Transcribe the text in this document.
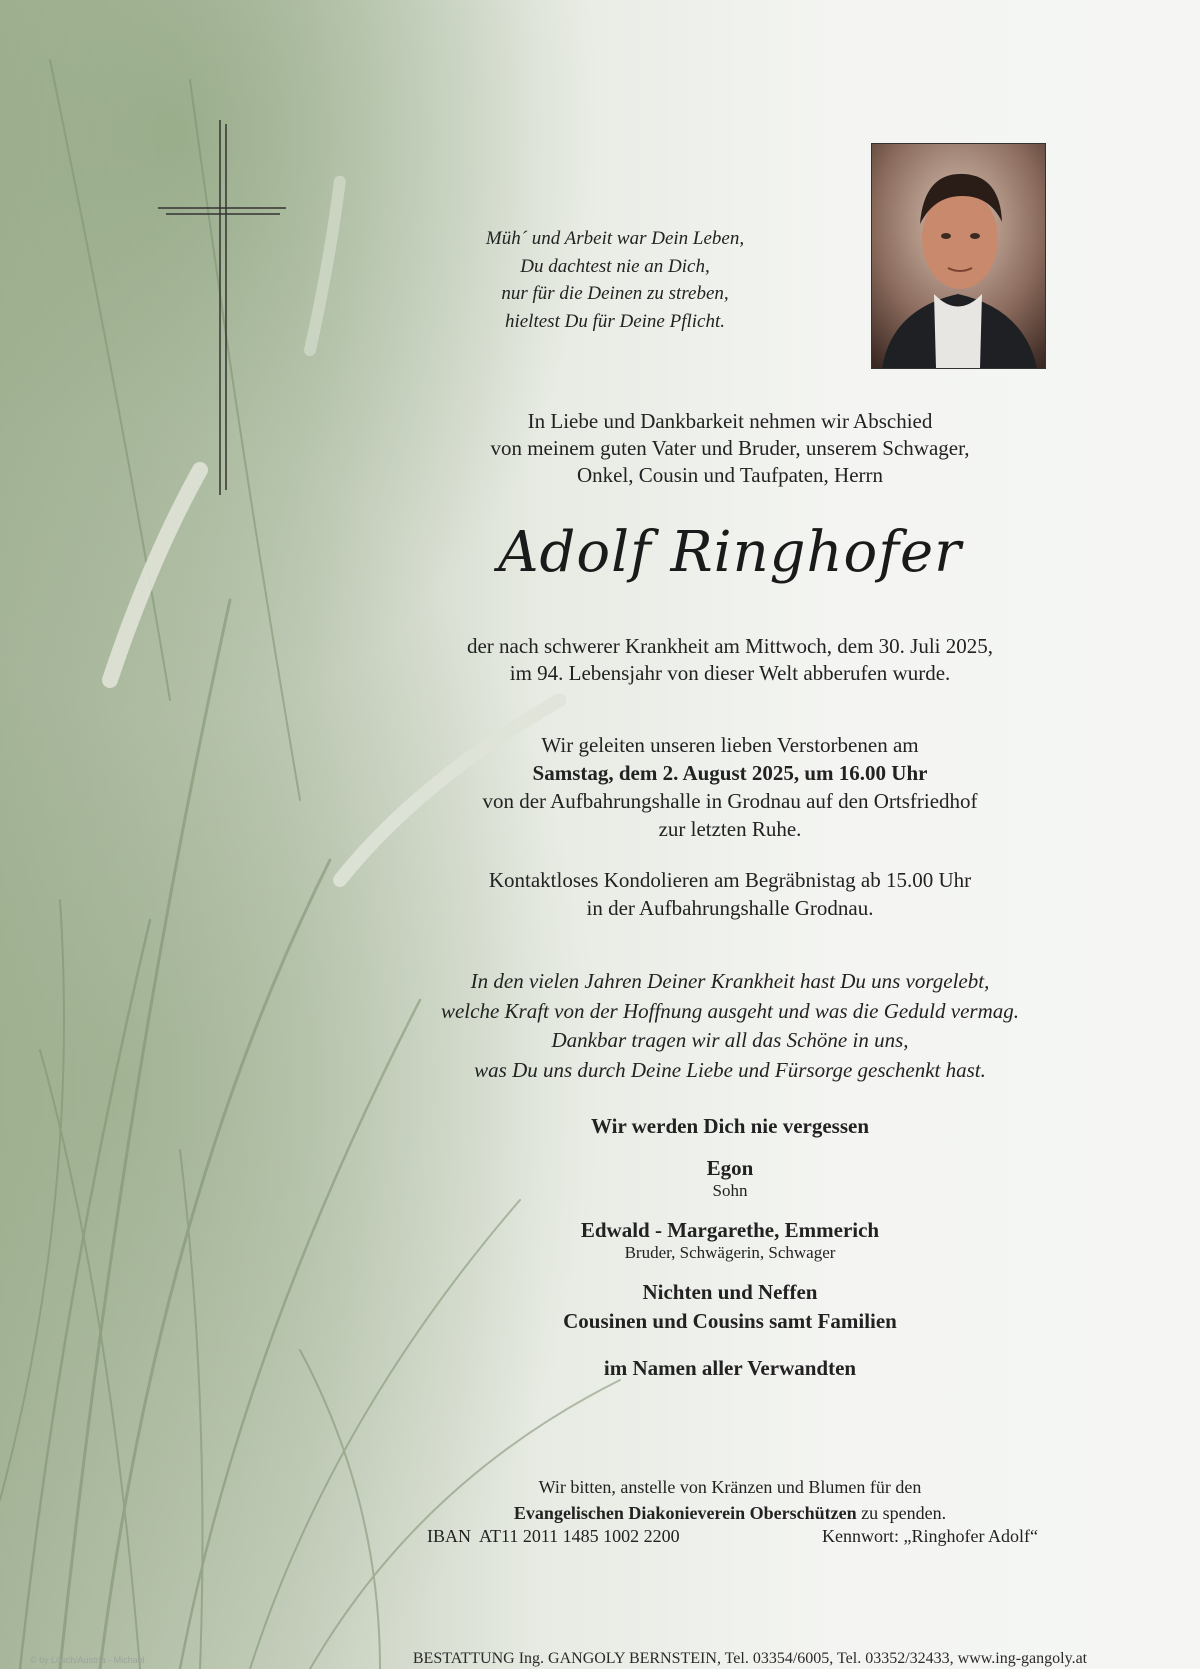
Müh´ und Arbeit war Dein Leben,
Du dachtest nie an Dich,
nur für die Deinen zu streben,
hieltest Du für Deine Pflicht.
In Liebe und Dankbarkeit nehmen wir Abschied
von meinem guten Vater und Bruder, unserem Schwager,
Onkel, Cousin und Taufpaten, Herrn
Adolf Ringhofer
der nach schwerer Krankheit am Mittwoch, dem 30. Juli 2025,
im 94. Lebensjahr von dieser Welt abberufen wurde.
Wir geleiten unseren lieben Verstorbenen am
Samstag, dem 2. August 2025, um 16.00 Uhr
von der Aufbahrungshalle in Grodnau auf den Ortsfriedhof
zur letzten Ruhe.
Kontaktloses Kondolieren am Begräbnistag ab 15.00 Uhr
in der Aufbahrungshalle Grodnau.
In den vielen Jahren Deiner Krankheit hast Du uns vorgelebt,
welche Kraft von der Hoffnung ausgeht und was die Geduld vermag.
Dankbar tragen wir all das Schöne in uns,
was Du uns durch Deine Liebe und Fürsorge geschenkt hast.
Wir werden Dich nie vergessen
Egon
Sohn
Edwald - Margarethe, Emmerich
Bruder, Schwägerin, Schwager
Nichten und Neffen
Cousinen und Cousins samt Familien
im Namen aller Verwandten
Wir bitten, anstelle von Kränzen und Blumen für den
Evangelischen Diakonieverein Oberschützen zu spenden.
IBAN  AT11 2011 1485 1002 2200	Kennwort: „Ringhofer Adolf“
BESTATTUNG Ing. GANGOLY BERNSTEIN, Tel. 03354/6005, Tel. 03352/32433, www.ing-gangoly.at
© by Lösch/Austria - Michael
